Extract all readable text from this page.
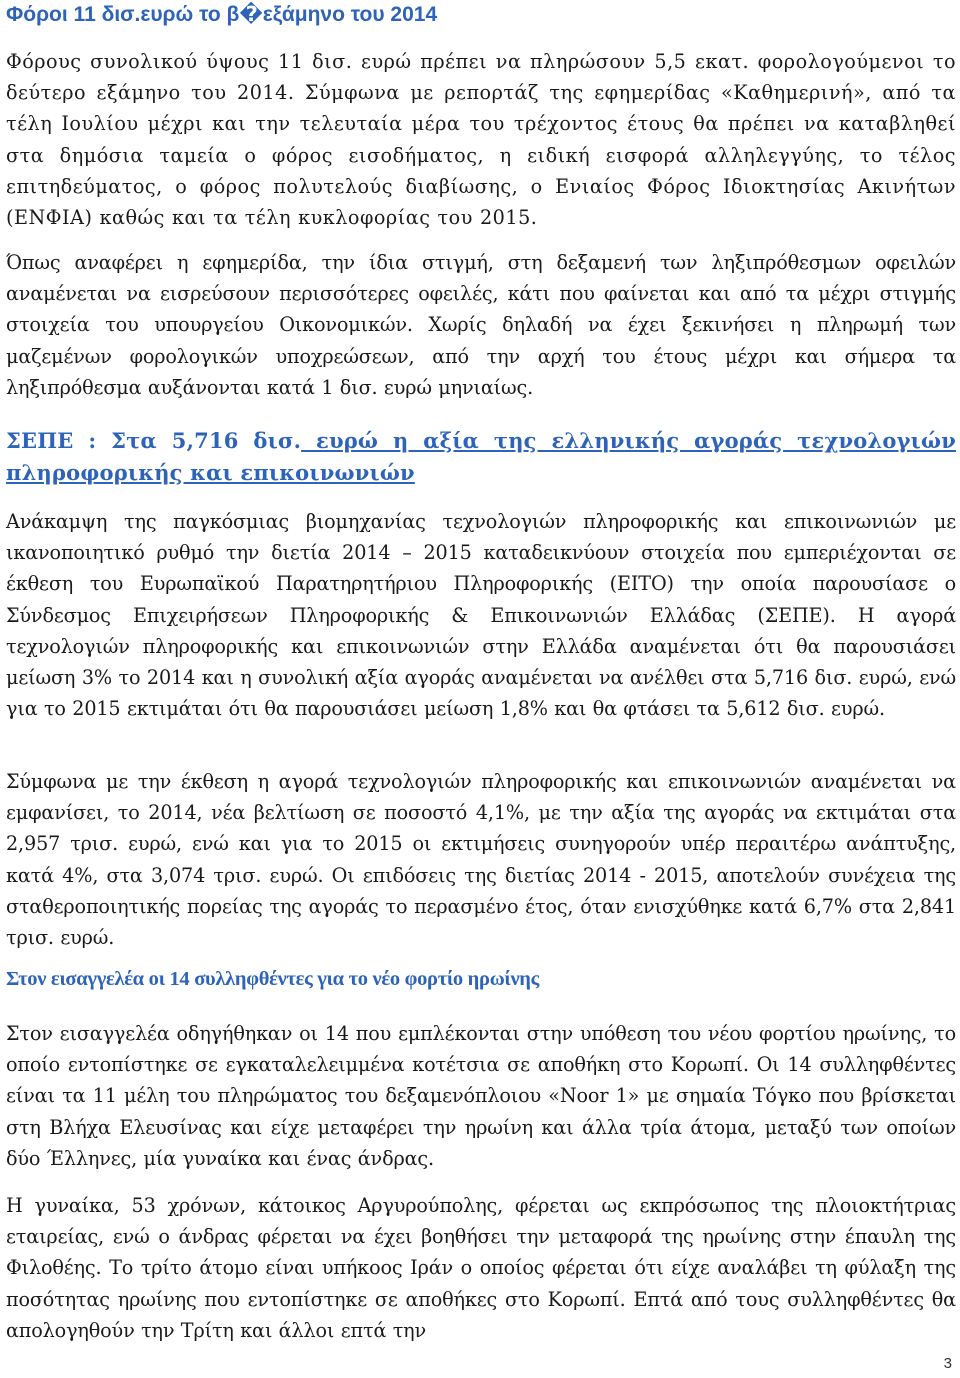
Φόροι 11 δισ.ευρώ το β�εξάμηνο του 2014

Φόρους συνολικού ύψους 11 δισ. ευρώ πρέπει να πληρώσουν 5,5 εκατ. φορολογούμενοι το δεύτερο εξάμηνο του 2014. Σύμφωνα με ρεπορτάζ της εφημερίδας «Καθημερινή», από τα τέλη Ιουλίου μέχρι και την τελευταία μέρα του τρέχοντος έτους θα πρέπει να καταβληθεί στα δημόσια ταμεία ο φόρος εισοδήματος, η ειδική εισφορά αλληλεγγύης, το τέλος επιτηδεύματος, ο φόρος πολυτελούς διαβίωσης, ο Ενιαίος Φόρος Ιδιοκτησίας Ακινήτων (ΕΝΦΙΑ) καθώς και τα τέλη κυκλοφορίας του 2015.

Όπως αναφέρει η εφημερίδα, την ίδια στιγμή, στη δεξαμενή των ληξιπρόθεσμων οφειλών αναμένεται να εισρεύσουν περισσότερες οφειλές, κάτι που φαίνεται και από τα μέχρι στιγμής στοιχεία του υπουργείου Οικονομικών. Χωρίς δηλαδή να έχει ξεκινήσει η πληρωμή των μαζεμένων φορολογικών υποχρεώσεων, από την αρχή του έτους μέχρι και σήμερα τα ληξιπρόθεσμα αυξάνονται κατά 1 δισ. ευρώ μηνιαίως.

ΣΕΠΕ : Στα 5,716 δισ. ευρώ η αξία της ελληνικής αγοράς τεχνολογιών πληροφορικής και επικοινωνιών

Ανάκαμψη της παγκόσμιας βιομηχανίας τεχνολογιών πληροφορικής και επικοινωνιών με ικανοποιητικό ρυθμό την διετία 2014 – 2015 καταδεικνύουν στοιχεία που εμπεριέχονται σε έκθεση του Ευρωπαϊκού Παρατηρητήριου Πληροφορικής (EITO) την οποία παρουσίασε ο Σύνδεσμος Επιχειρήσεων Πληροφορικής & Επικοινωνιών Ελλάδας (ΣΕΠΕ). Η αγορά τεχνολογιών πληροφορικής και επικοινωνιών στην Ελλάδα αναμένεται ότι θα παρουσιάσει μείωση 3% το 2014 και η συνολική αξία αγοράς αναμένεται να ανέλθει στα 5,716 δισ. ευρώ, ενώ για το 2015 εκτιμάται ότι θα παρουσιάσει μείωση 1,8% και θα φτάσει τα 5,612 δισ. ευρώ.

Σύμφωνα με την έκθεση η αγορά τεχνολογιών πληροφορικής και επικοινωνιών αναμένεται να εμφανίσει, το 2014, νέα βελτίωση σε ποσοστό 4,1%, με την αξία της αγοράς να εκτιμάται στα 2,957 τρισ. ευρώ, ενώ και για το 2015 οι εκτιμήσεις συνηγορούν υπέρ περαιτέρω ανάπτυξης, κατά 4%, στα 3,074 τρισ. ευρώ. Οι επιδόσεις της διετίας 2014 - 2015, αποτελούν συνέχεια της σταθεροποιητικής πορείας της αγοράς το περασμένο έτος, όταν ενισχύθηκε κατά 6,7% στα 2,841 τρισ. ευρώ.

Στον εισαγγελέα οι 14 συλληφθέντες για το νέο φορτίο ηρωίνης

Στον εισαγγελέα οδηγήθηκαν οι 14 που εμπλέκονται στην υπόθεση του νέου φορτίου ηρωίνης, το οποίο εντοπίστηκε σε εγκαταλελειμμένα κοτέτσια σε αποθήκη στο Κορωπί. Οι 14 συλληφθέντες είναι τα 11 μέλη του πληρώματος του δεξαμενόπλοιου «Noor 1» με σημαία Τόγκο που βρίσκεται στη Βλήχα Ελευσίνας και είχε μεταφέρει την ηρωίνη και άλλα τρία άτομα, μεταξύ των οποίων δύο Έλληνες, μία γυναίκα και ένας άνδρας.

Η γυναίκα, 53 χρόνων, κάτοικος Αργυρούπολης, φέρεται ως εκπρόσωπος της πλοιοκτήτριας εταιρείας, ενώ ο άνδρας φέρεται να έχει βοηθήσει την μεταφορά της ηρωίνης στην έπαυλη της Φιλοθέης. Το τρίτο άτομο είναι υπήκοος Ιράν ο οποίος φέρεται ότι είχε αναλάβει τη φύλαξη της ποσότητας ηρωίνης που εντοπίστηκε σε αποθήκες στο Κορωπί. Επτά από τους συλληφθέντες θα απολογηθούν την Τρίτη και άλλοι επτά την

3
